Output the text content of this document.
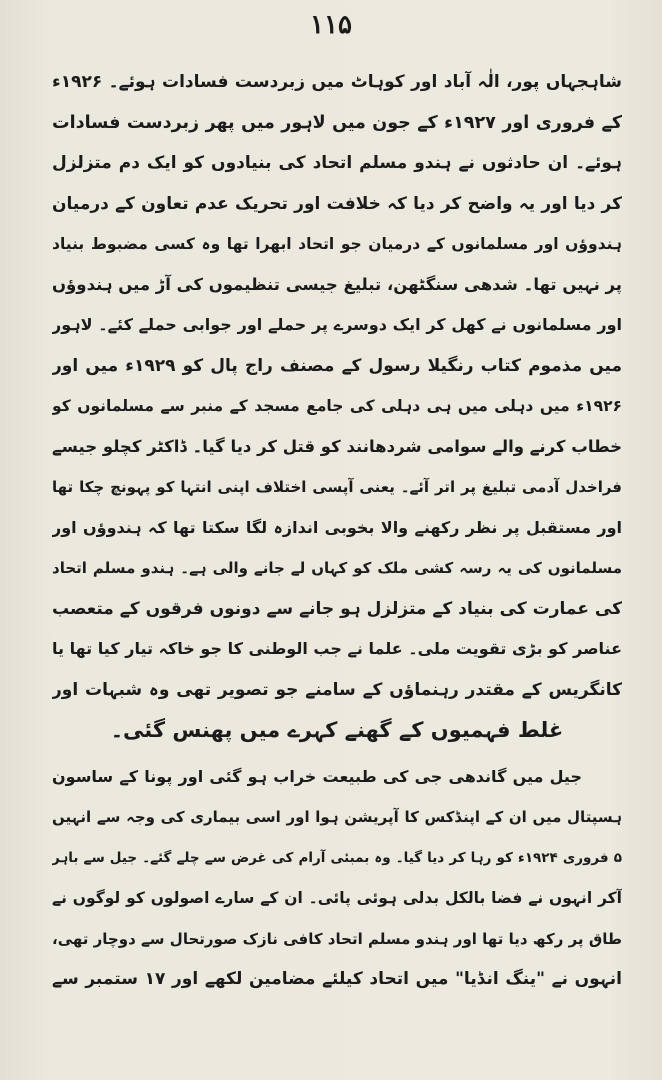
۱۱۵
شاہجہاں پور، الٰہ آباد اور کوہاٹ میں زبردست فسادات ہوئے۔ ۱۹۲۶ء
کے فروری اور ۱۹۲۷ء کے جون میں لاہور میں پھر زبردست فسادات
ہوئے۔ ان حادثوں نے ہندو مسلم اتحاد کی بنیادوں کو ایک دم متزلزل
کر دیا اور یہ واضح کر دیا کہ خلافت اور تحریک عدم تعاون کے درمیان
ہندوؤں اور مسلمانوں کے درمیان جو اتحاد ابھرا تھا وہ کسی مضبوط بنیاد
پر نہیں تھا۔ شدھی سنگٹھن، تبلیغ جیسی تنظیموں کی آڑ میں ہندوؤں
اور مسلمانوں نے کھل کر ایک دوسرے پر حملے اور جوابی حملے کئے۔ لاہور
میں مذموم کتاب رنگیلا رسول کے مصنف راج پال کو ۱۹۲۹ء میں اور
۱۹۲۶ء میں دہلی میں ہی دہلی کی جامع مسجد کے منبر سے مسلمانوں کو
خطاب کرنے والے سوامی شردھانند کو قتل کر دیا گیا۔ ڈاکٹر کچلو جیسے
فراخدل آدمی تبلیغ پر اتر آئے۔ یعنی آپسی اختلاف اپنی انتہا کو پہونچ چکا تھا
اور مستقبل پر نظر رکھنے والا بخوبی اندازہ لگا سکتا تھا کہ ہندوؤں اور
مسلمانوں کی یہ رسہ کشی ملک کو کہاں لے جانے والی ہے۔ ہندو مسلم اتحاد
کی عمارت کی بنیاد کے متزلزل ہو جانے سے دونوں فرقوں کے متعصب
عناصر کو بڑی تقویت ملی۔ علما نے جب الوطنی کا جو خاکہ تیار کیا تھا یا
کانگریس کے مقتدر رہنماؤں کے سامنے جو تصویر تھی وہ شبہات اور
غلط فہمیوں کے گھنے کہرے میں پھنس گئی۔
جیل میں گاندھی جی کی طبیعت خراب ہو گئی اور پونا کے ساسون
ہسپتال میں ان کے اپنڈکس کا آپریشن ہوا اور اسی بیماری کی وجہ سے انہیں
۵ فروری ۱۹۲۴ء کو رہا کر دیا گیا۔ وہ بمبئی آرام کی غرض سے چلے گئے۔ جیل سے باہر
آکر انہوں نے فضا بالکل بدلی ہوئی پائی۔ ان کے سارے اصولوں کو لوگوں نے
طاق پر رکھ دیا تھا اور ہندو مسلم اتحاد کافی نازک صورتحال سے دوچار تھی،
انہوں نے "ینگ انڈیا" میں اتحاد کیلئے مضامین لکھے اور ۱۷ ستمبر سے
